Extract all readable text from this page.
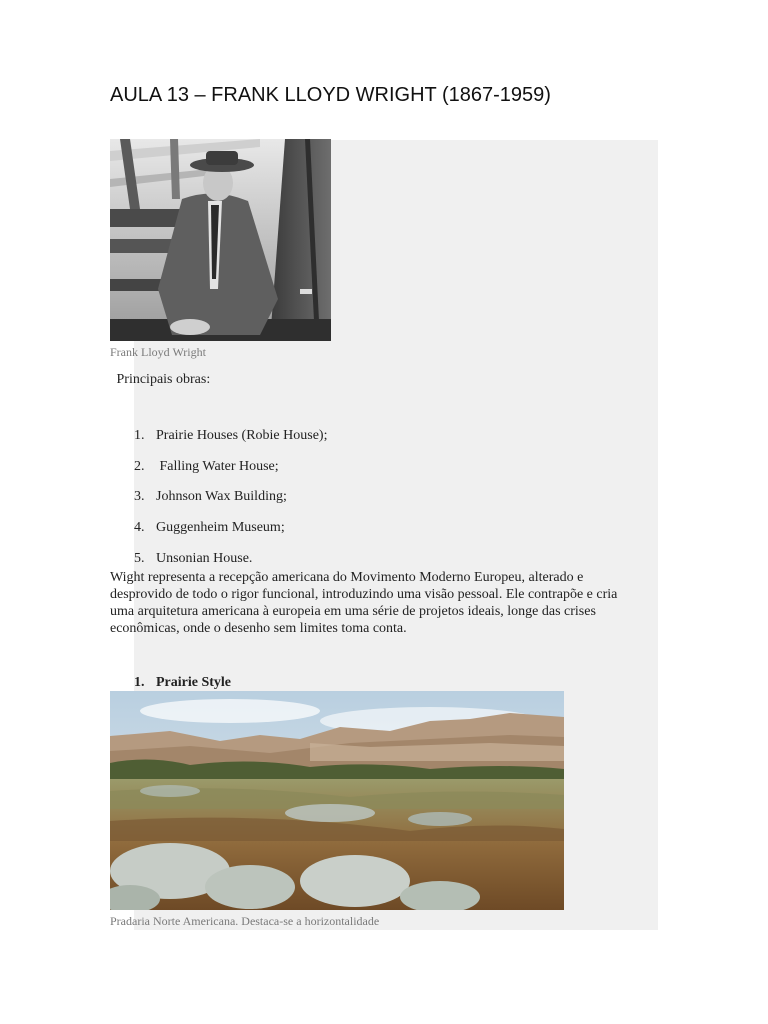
AULA 13 – FRANK LLOYD WRIGHT (1867-1959)
Frank Lloyd Wright
Principais obras:
1. Prairie Houses (Robie House);
2. Falling Water House;
3. Johnson Wax Building;
4. Guggenheim Museum;
5. Unsonian House.

Wight representa a recepção americana do Movimento Moderno Europeu, alterado e desprovido de todo o rigor funcional, introduzindo uma visão pessoal. Ele contrapõe e cria uma arquitetura americana à europeia em uma série de projetos ideais, longe das crises econômicas, onde o desenho sem limites toma conta.

1. Prairie Style
Pradaria Norte Americana. Destaca-se a horizontalidade
